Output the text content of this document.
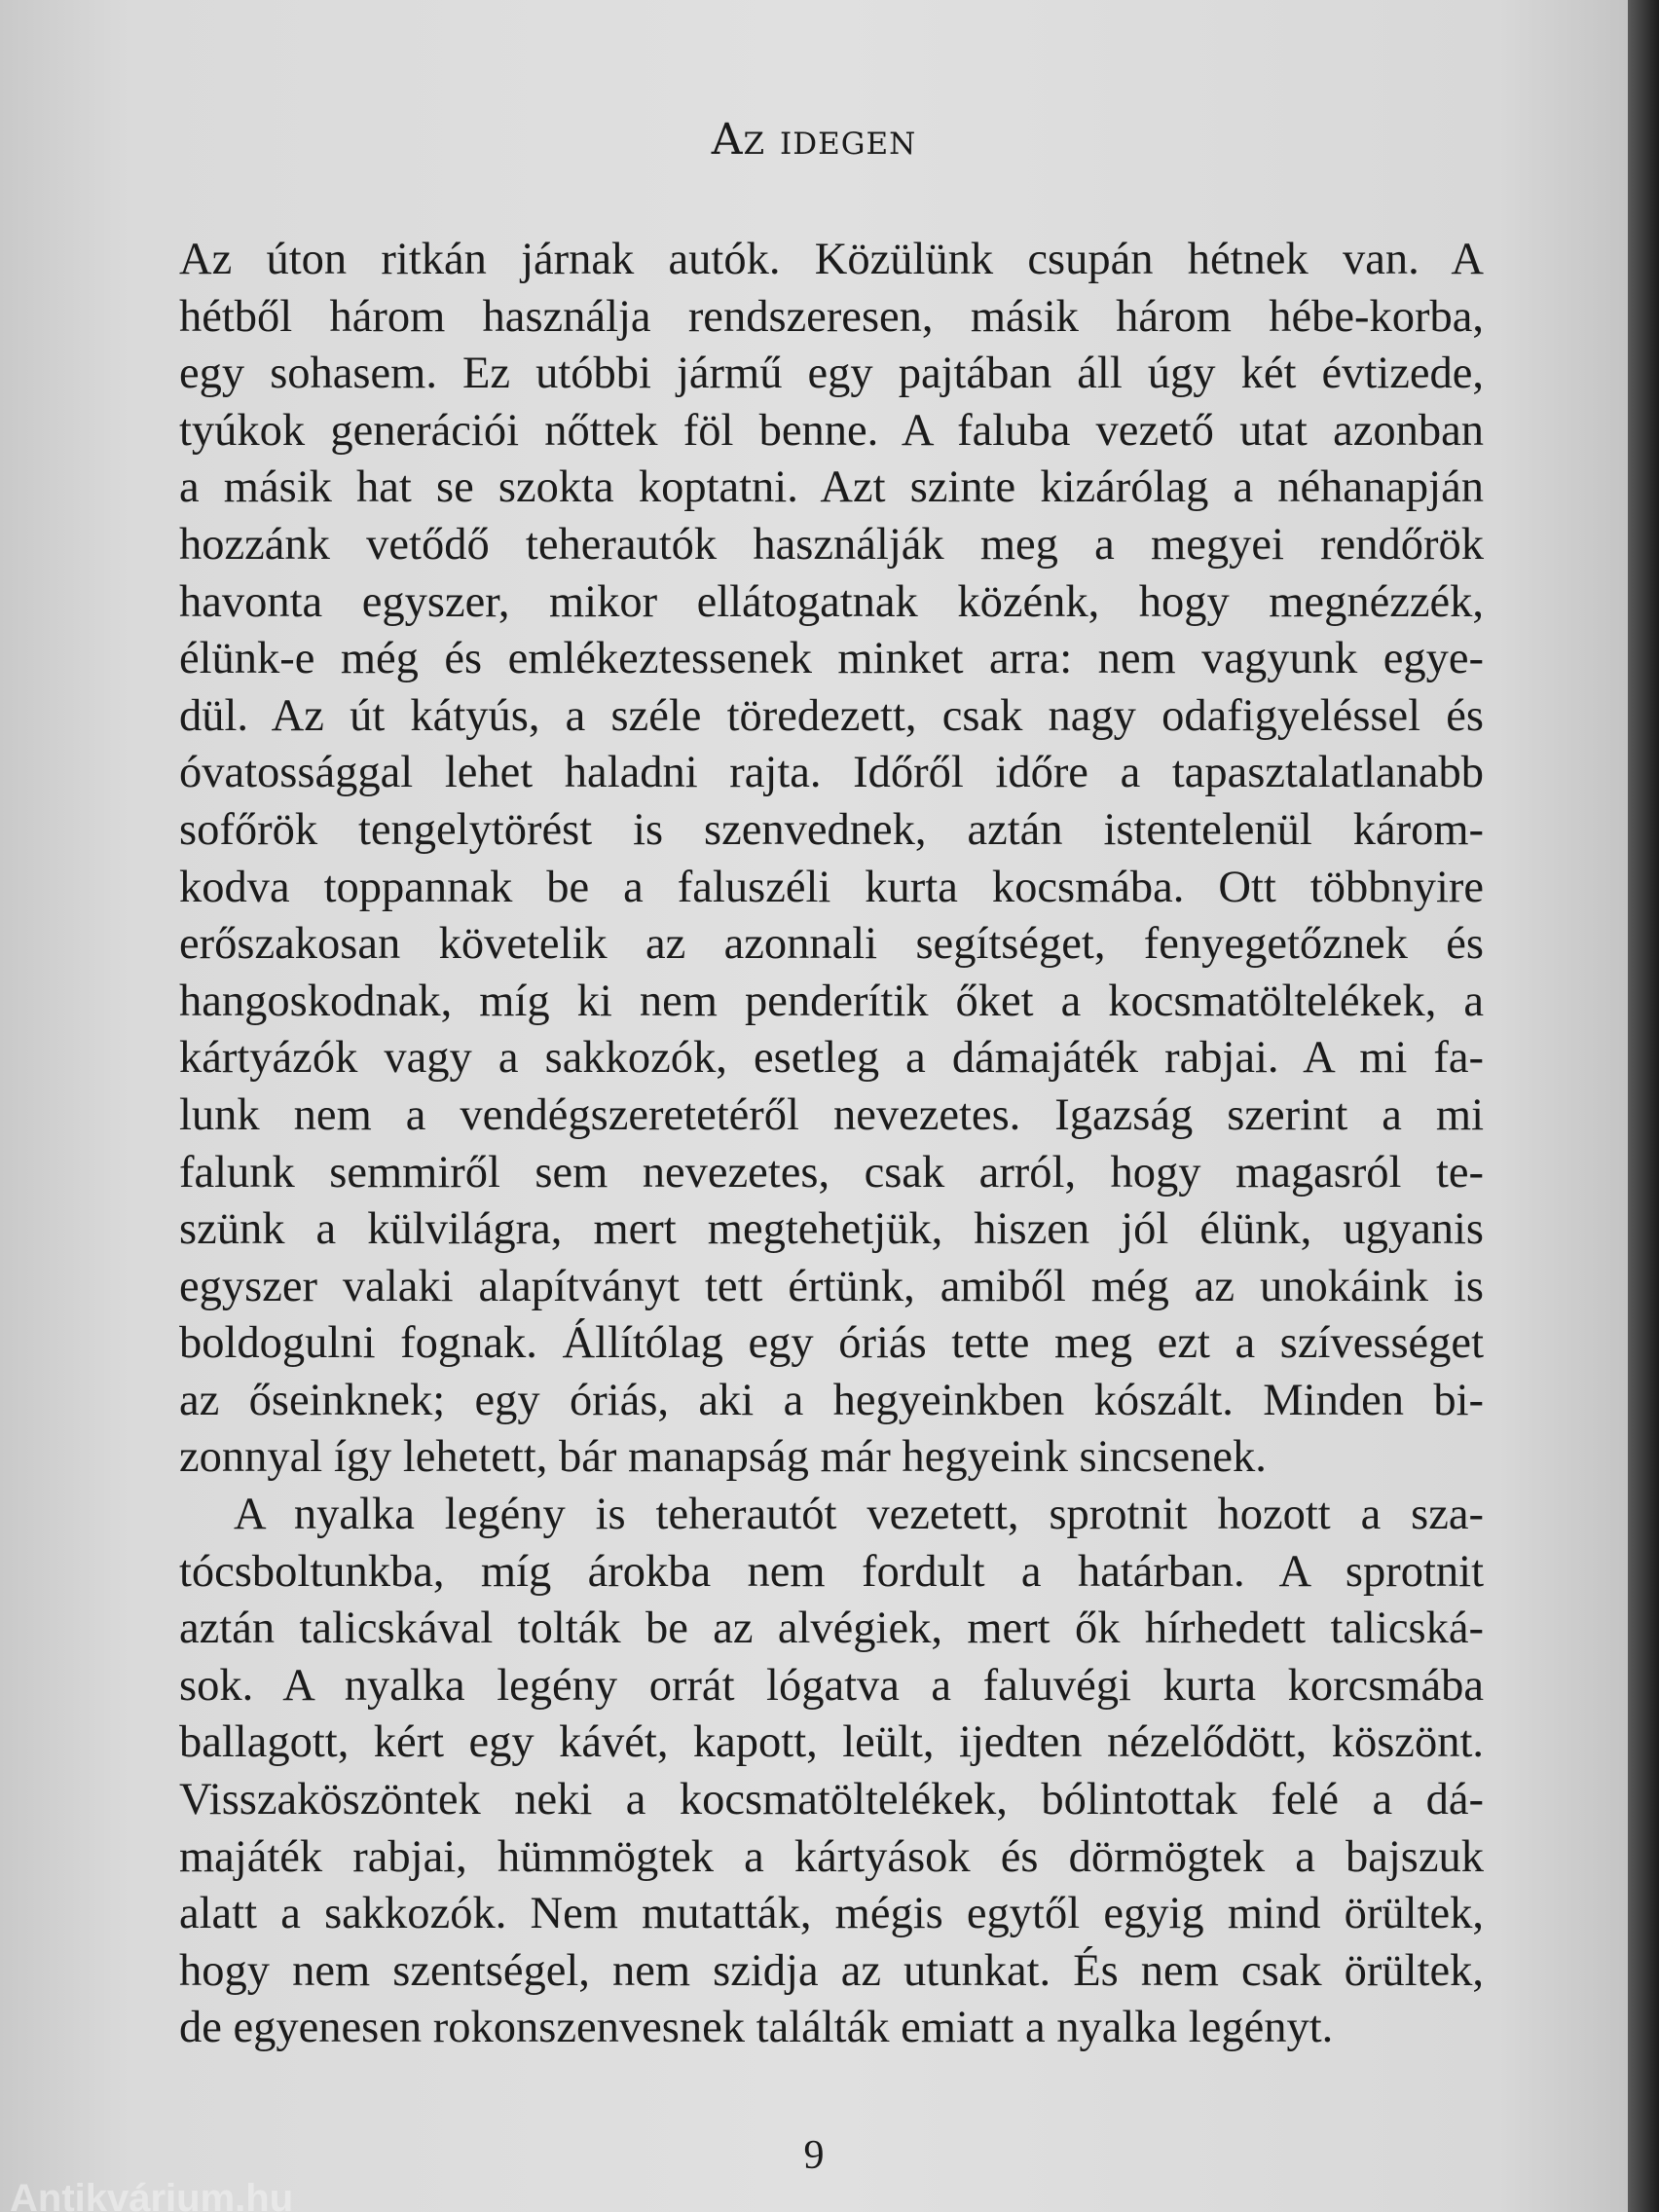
Az idegen
Az úton ritkán járnak autók. Közülünk csupán hétnek van. A
hétből három használja rendszeresen, másik három hébe-korba,
egy sohasem. Ez utóbbi jármű egy pajtában áll úgy két évtizede,
tyúkok generációi nőttek föl benne. A faluba vezető utat azonban
a másik hat se szokta koptatni. Azt szinte kizárólag a néhanapján
hozzánk vetődő teherautók használják meg a megyei rendőrök
havonta egyszer, mikor ellátogatnak közénk, hogy megnézzék,
élünk-e még és emlékeztessenek minket arra: nem vagyunk egye-
dül. Az út kátyús, a széle töredezett, csak nagy odafigyeléssel és
óvatossággal lehet haladni rajta. Időről időre a tapasztalatlanabb
sofőrök tengelytörést is szenvednek, aztán istentelenül károm-
kodva toppannak be a faluszéli kurta kocsmába. Ott többnyire
erőszakosan követelik az azonnali segítséget, fenyegetőznek és
hangoskodnak, míg ki nem penderítik őket a kocsmatöltelékek, a
kártyázók vagy a sakkozók, esetleg a dámajáték rabjai. A mi fa-
lunk nem a vendégszeretetéről nevezetes. Igazság szerint a mi
falunk semmiről sem nevezetes, csak arról, hogy magasról te-
szünk a külvilágra, mert megtehetjük, hiszen jól élünk, ugyanis
egyszer valaki alapítványt tett értünk, amiből még az unokáink is
boldogulni fognak. Állítólag egy óriás tette meg ezt a szívességet
az őseinknek; egy óriás, aki a hegyeinkben kószált. Minden bi-
zonnyal így lehetett, bár manapság már hegyeink sincsenek.
A nyalka legény is teherautót vezetett, sprotnit hozott a sza-
tócsboltunkba, míg árokba nem fordult a határban. A sprotnit
aztán talicskával tolták be az alvégiek, mert ők hírhedett talicská-
sok. A nyalka legény orrát lógatva a faluvégi kurta korcsmába
ballagott, kért egy kávét, kapott, leült, ijedten nézelődött, köszönt.
Visszaköszöntek neki a kocsmatöltelékek, bólintottak felé a dá-
majáték rabjai, hümmögtek a kártyások és dörmögtek a bajszuk
alatt a sakkozók. Nem mutatták, mégis egytől egyig mind örültek,
hogy nem szentségel, nem szidja az utunkat. És nem csak örültek,
de egyenesen rokonszenvesnek találták emiatt a nyalka legényt.
9
Antikvárium.hu
